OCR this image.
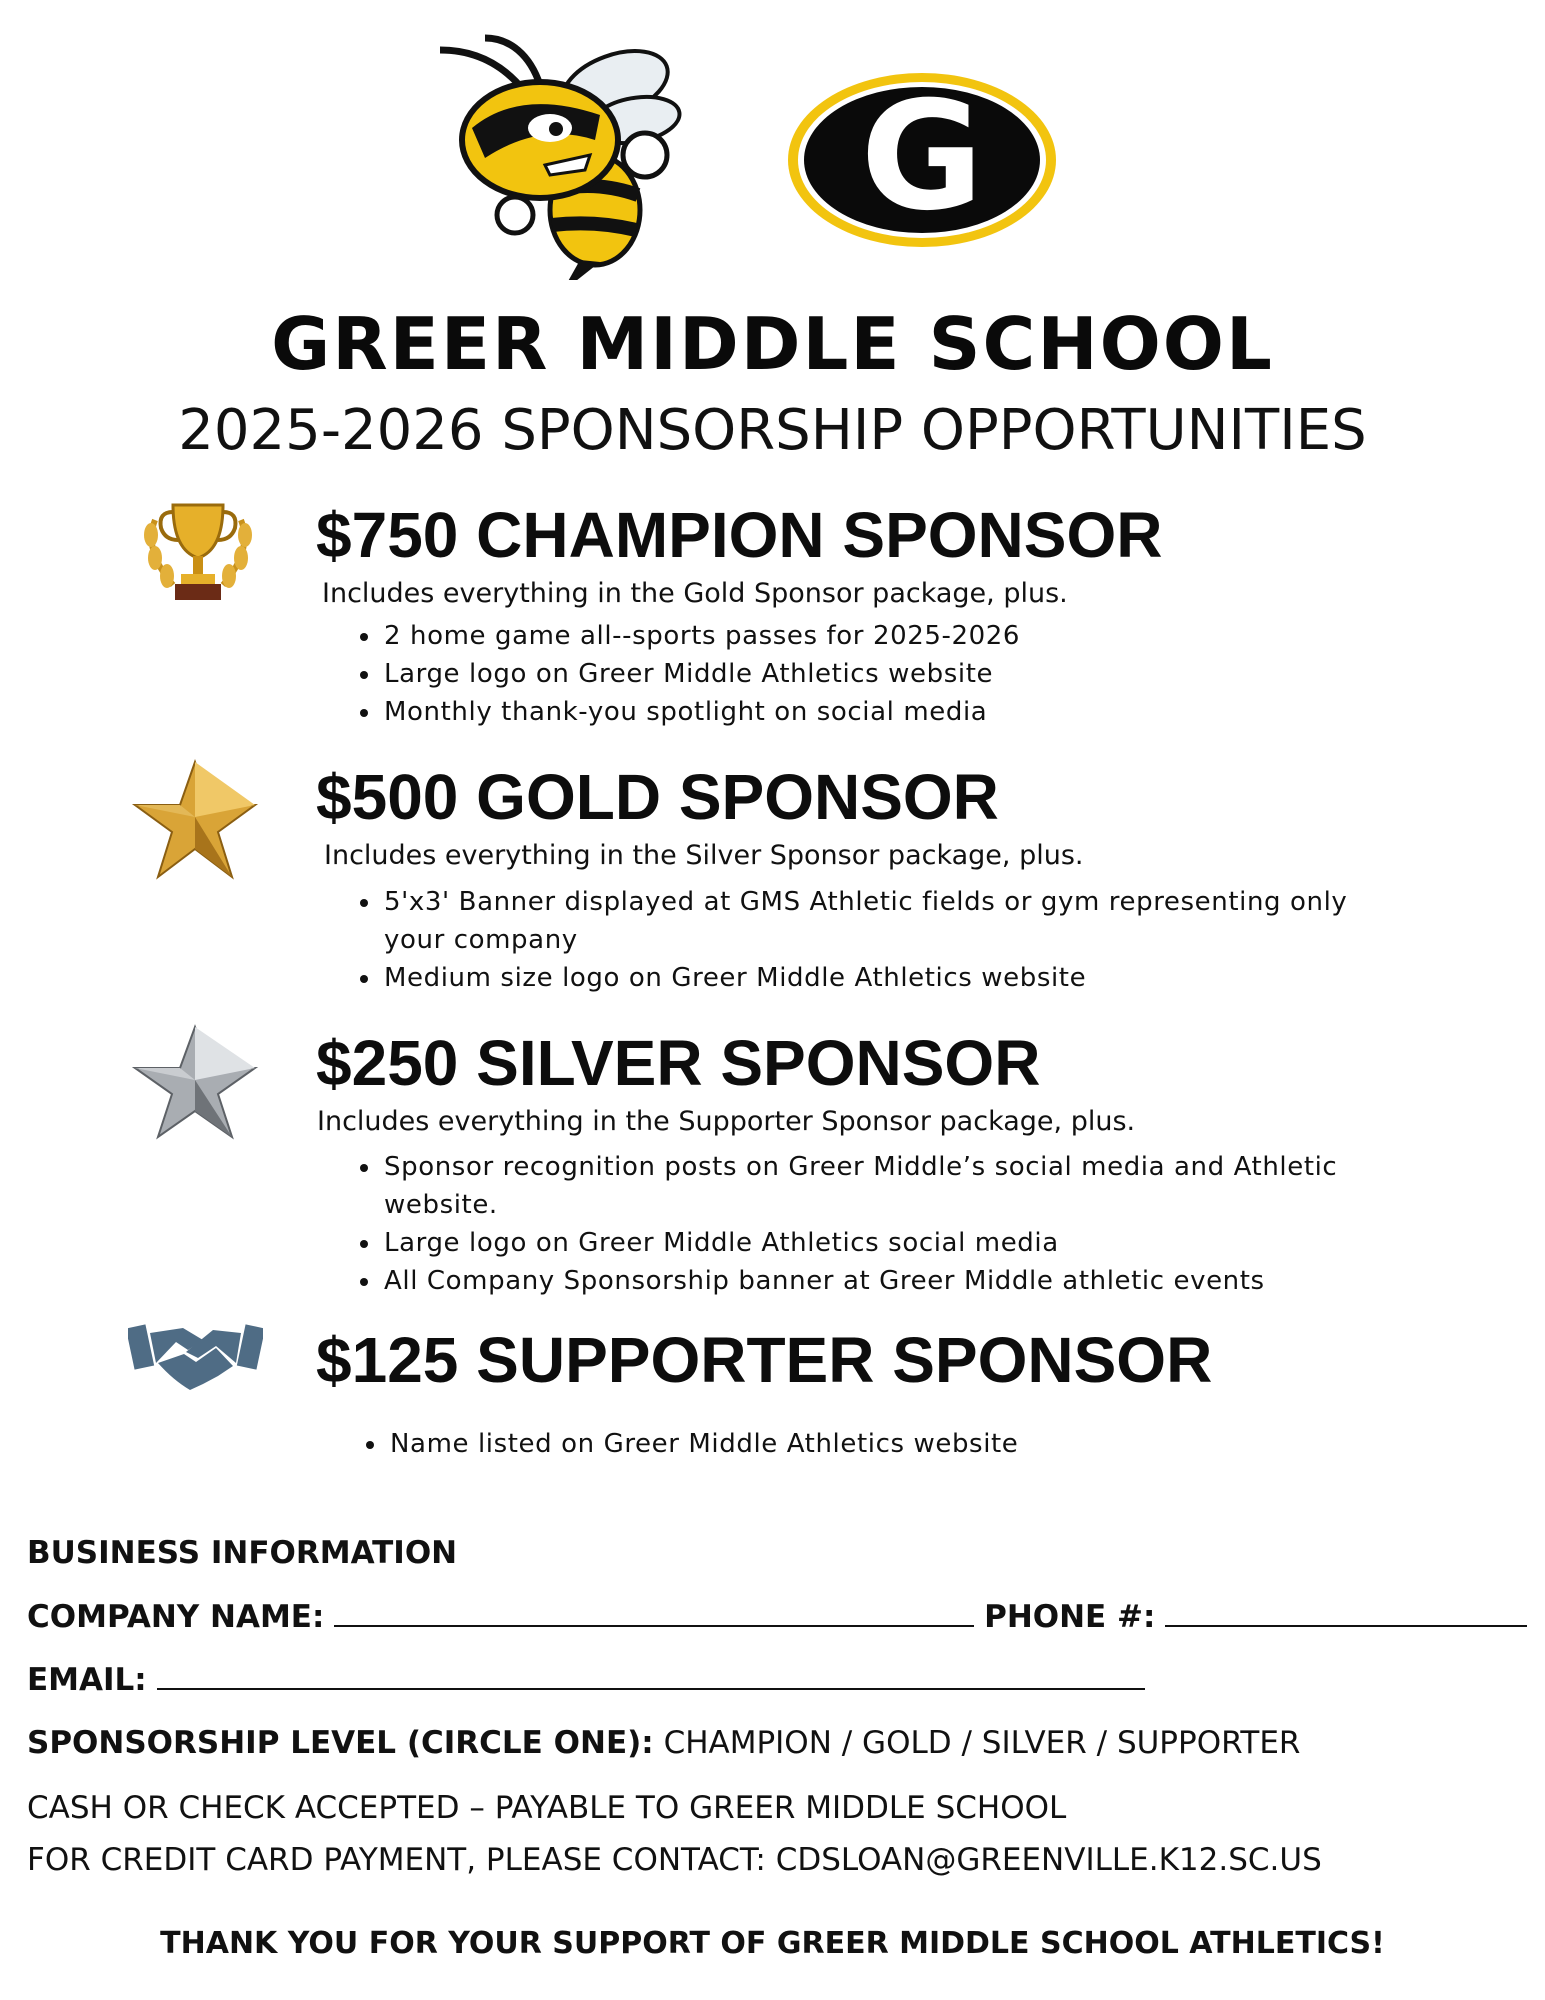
G
GREER MIDDLE SCHOOL
2025-2026 SPONSORSHIP OPPORTUNITIES
$750 CHAMPION SPONSOR
Includes everything in the Gold Sponsor package, plus.
2 home game all--sports passes for 2025-2026
Large logo on Greer Middle Athletics website
Monthly thank-you spotlight on social media
$500 GOLD SPONSOR
Includes everything in the Silver Sponsor package, plus.
5'x3' Banner displayed at GMS Athletic fields or gym representing only
your company
Medium size logo on Greer Middle Athletics website
$250 SILVER SPONSOR
Includes everything in the Supporter Sponsor package, plus.
Sponsor recognition posts on Greer Middle’s social media and Athletic
website.
Large logo on Greer Middle Athletics social media
All Company Sponsorship banner at Greer Middle athletic events
$125 SUPPORTER SPONSOR
Name listed on Greer Middle Athletics website
BUSINESS INFORMATION
COMPANY NAME:	PHONE #:
EMAIL:
SPONSORSHIP LEVEL (CIRCLE ONE): CHAMPION / GOLD / SILVER / SUPPORTER
CASH OR CHECK ACCEPTED – PAYABLE TO GREER MIDDLE SCHOOL
FOR CREDIT CARD PAYMENT, PLEASE CONTACT: CDSLOAN@GREENVILLE.K12.SC.US
THANK YOU FOR YOUR SUPPORT OF GREER MIDDLE SCHOOL ATHLETICS!
